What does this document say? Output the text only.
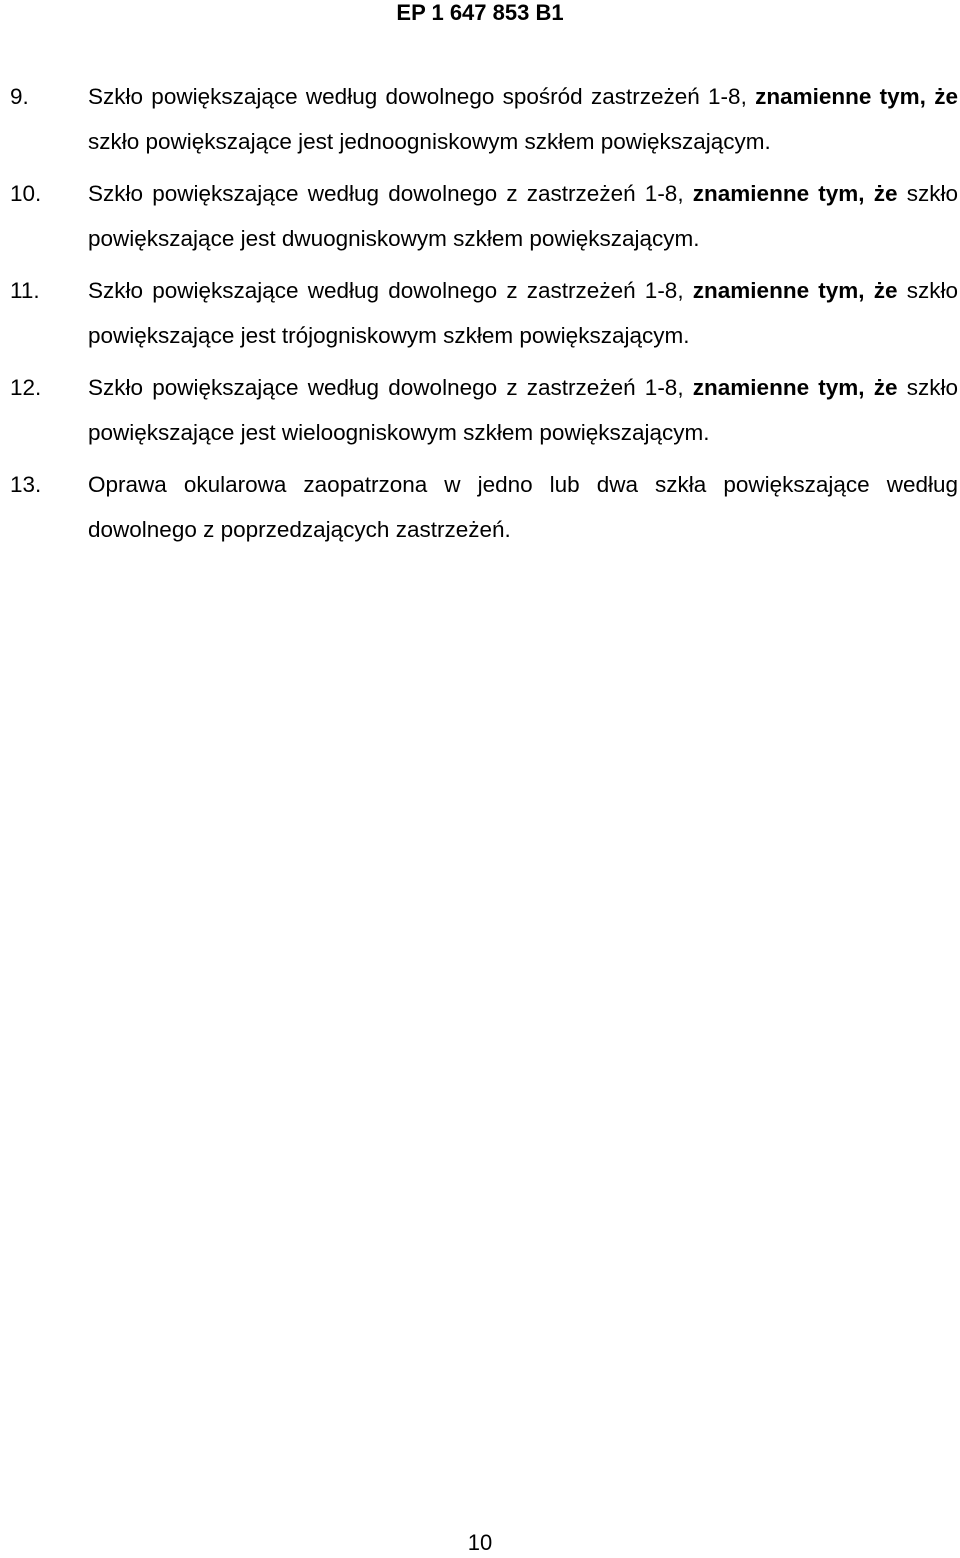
EP 1 647 853 B1
9.	Szkło powiększające według dowolnego spośród zastrzeżeń 1-8, znamienne tym, że szkło powiększające jest jednoogniskowym szkłem powiększającym.
10. Szkło powiększające według dowolnego z zastrzeżeń 1-8, znamienne tym, że szkło powiększające jest dwuogniskowym szkłem powiększającym.
11. Szkło powiększające według dowolnego z zastrzeżeń 1-8, znamienne tym, że szkło powiększające jest trójogniskowym szkłem powiększającym.
12. Szkło powiększające według dowolnego z zastrzeżeń 1-8, znamienne tym, że szkło powiększające jest wieloogniskowym szkłem powiększającym.
13. Oprawa okularowa zaopatrzona w jedno lub dwa szkła powiększające według dowolnego z poprzedzających zastrzeżeń.
10
